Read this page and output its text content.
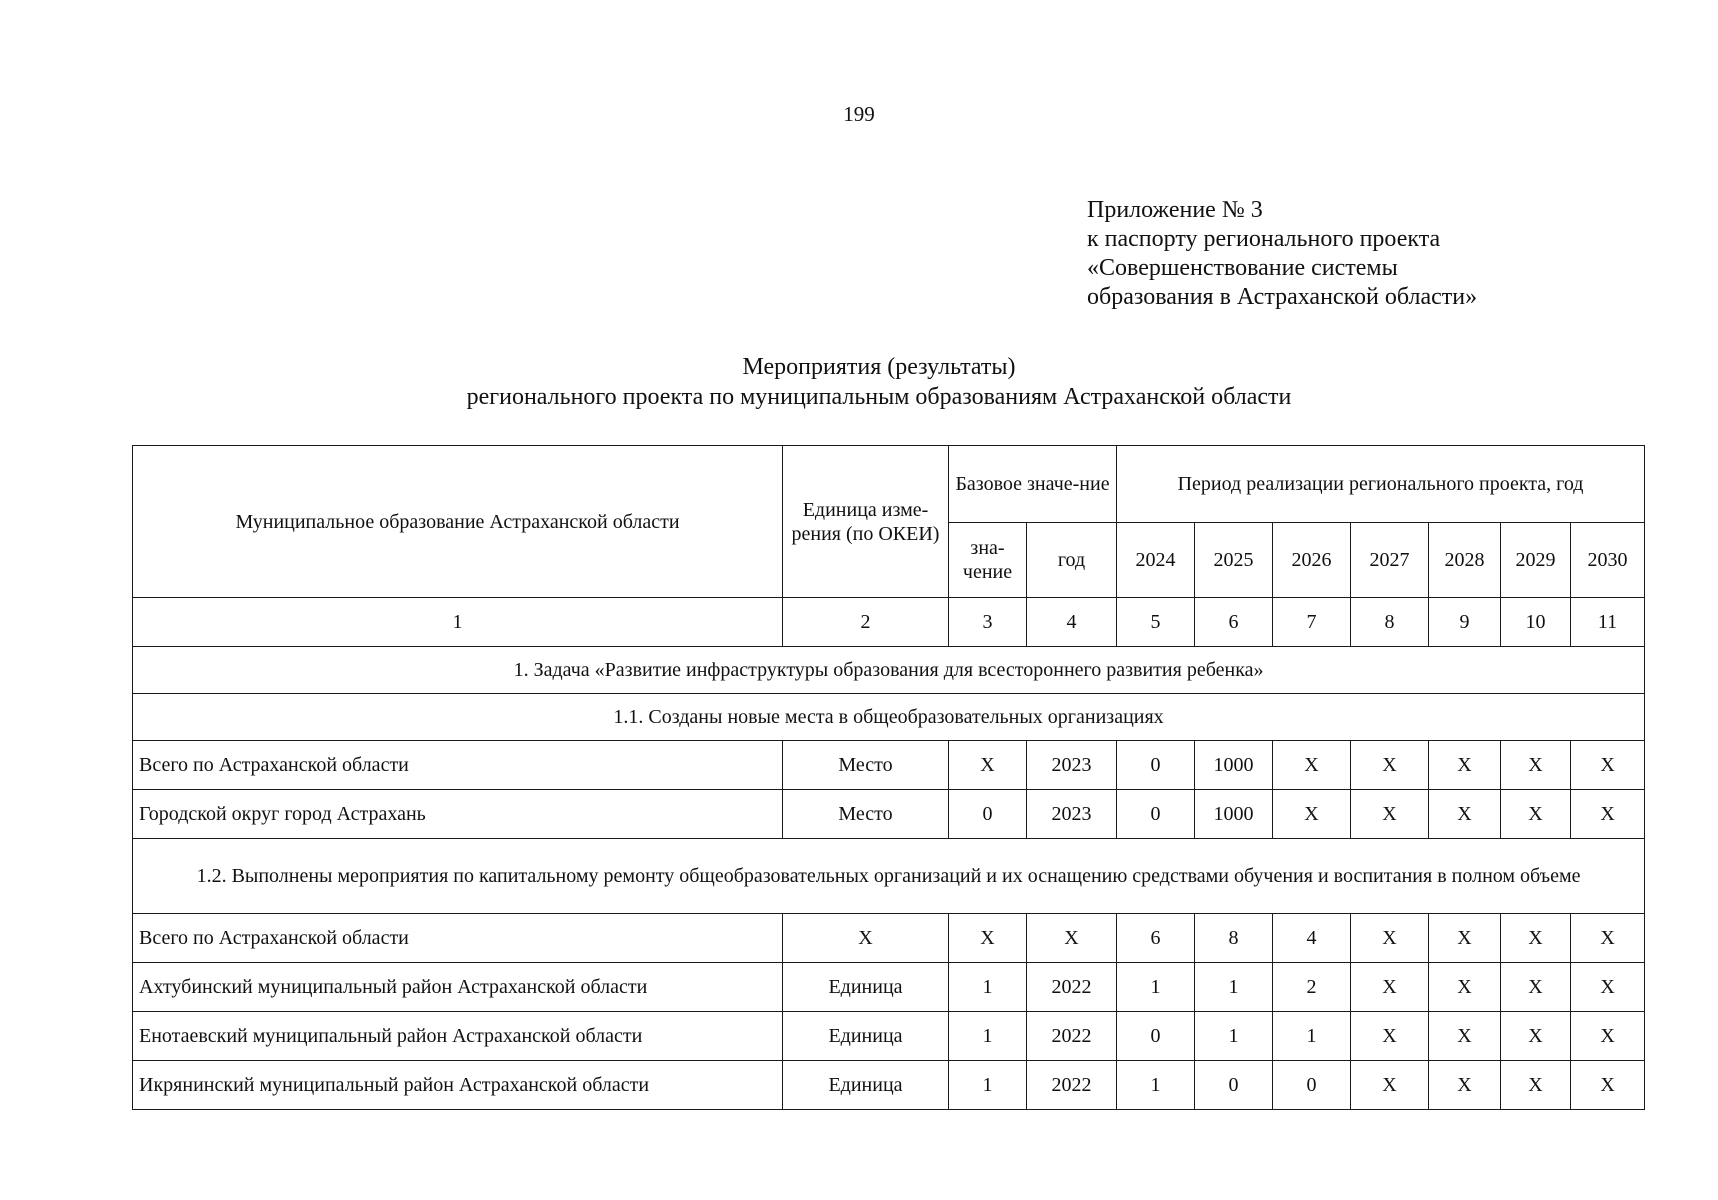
199
Приложение № 3
к паспорту регионального проекта
«Совершенствование системы
образования в Астраханской области»
Мероприятия (результаты)
регионального проекта по муниципальным образованиям Астраханской области
Муниципальное образование Астраханской области	Единица изме-рения (по ОКЕИ)	Базовое значе-ние		Период реализации регионального проекта, год						
		зна-чение	год	2024	2025	2026	2027	2028	2029	2030
1	2	3	4	5	6	7	8	9	10	11
1. Задача «Развитие инфраструктуры образования для всестороннего развития ребенка»										
1.1. Созданы новые места в общеобразовательных организациях										
Всего по Астраханской области	Место	X	2023	0	1000	X	X	X	X	X
Городской округ город Астрахань	Место	0	2023	0	1000	X	X	X	X	X
1.2. Выполнены мероприятия по капитальному ремонту общеобразовательных организаций и их оснащению средствами обучения и воспитания в полном объеме										
Всего по Астраханской области	X	X	X	6	8	4	X	X	X	X
Ахтубинский муниципальный район Астраханской области	Единица	1	2022	1	1	2	X	X	X	X
Енотаевский муниципальный район Астраханской области	Единица	1	2022	0	1	1	X	X	X	X
Икрянинский муниципальный район Астраханской области	Единица	1	2022	1	0	0	X	X	X	X
